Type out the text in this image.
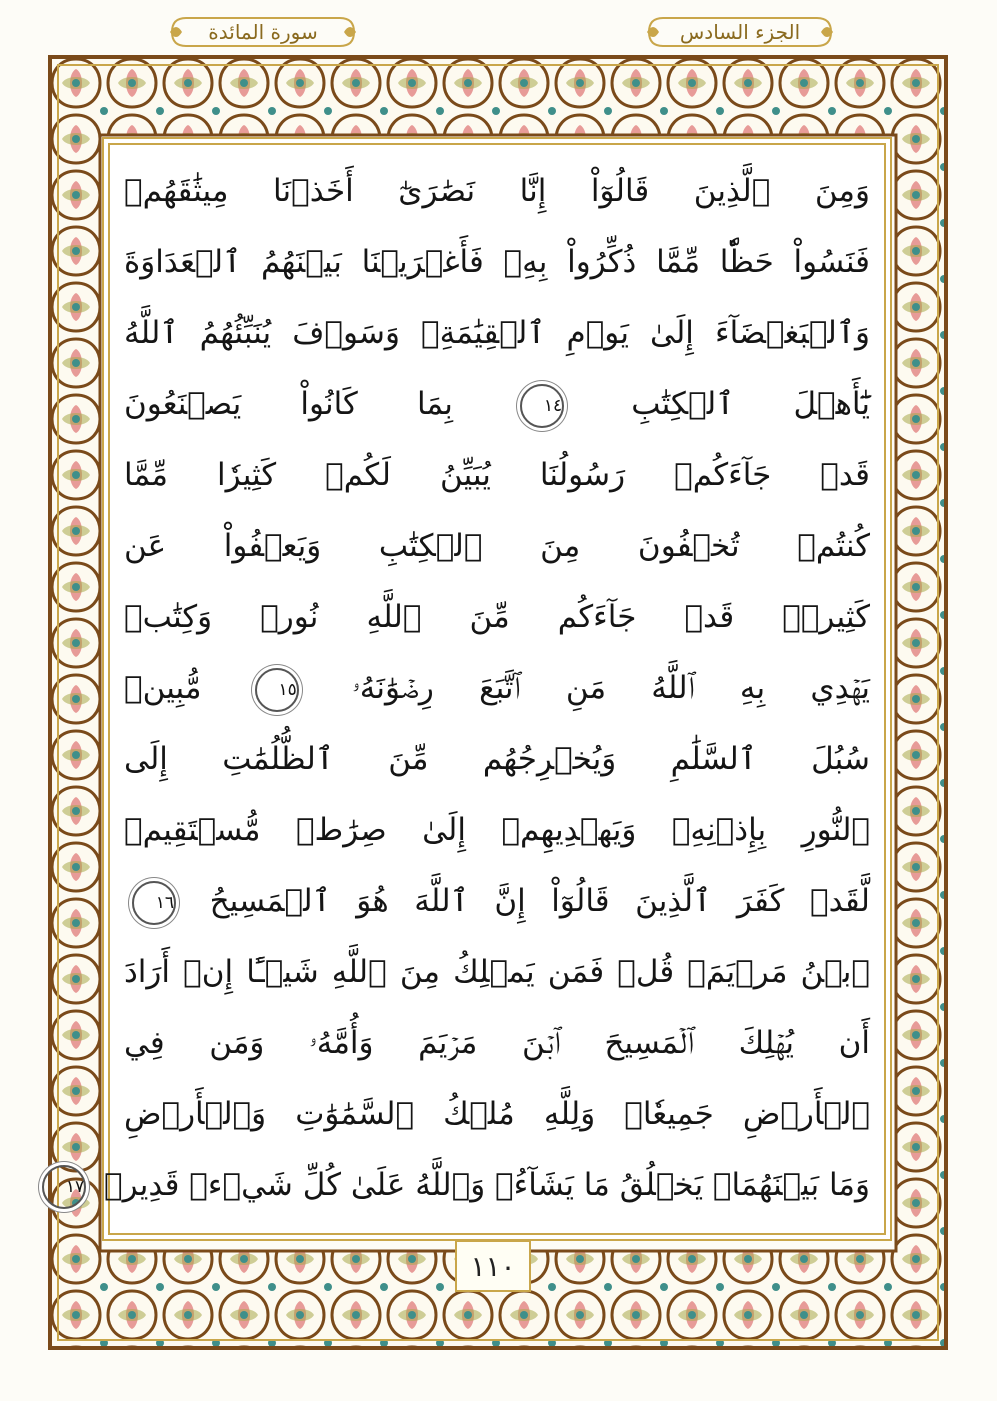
الجزء السادس
سورة المائدة
وَمِنَ ٱلَّذِينَ قَالُوٓاْ إِنَّا نَصَٰرَىٰٓ أَخَذۡنَا مِيثَٰقَهُمۡ
فَنَسُواْ حَظّٗا مِّمَّا ذُكِّرُواْ بِهِۦ فَأَغۡرَيۡنَا بَيۡنَهُمُ ٱلۡعَدَاوَةَ
وَٱلۡبَغۡضَآءَ إِلَىٰ يَوۡمِ ٱلۡقِيَٰمَةِۚ وَسَوۡفَ يُنَبِّئُهُمُ ٱللَّهُ
يَٰٓأَهۡلَ ٱلۡكِتَٰبِ ١٤ بِمَا كَانُواْ يَصۡنَعُونَ
قَدۡ جَآءَكُمۡ رَسُولُنَا يُبَيِّنُ لَكُمۡ كَثِيرٗا مِّمَّا
كُنتُمۡ تُخۡفُونَ مِنَ ٱلۡكِتَٰبِ وَيَعۡفُواْ عَن
كَثِيرٖۚ قَدۡ جَآءَكُم مِّنَ ٱللَّهِ نُورٞ وَكِتَٰبٞ
يَهۡدِي بِهِ ٱللَّهُ مَنِ ٱتَّبَعَ رِضۡوَٰنَهُۥ ١٥ مُّبِينٞ
سُبُلَ ٱلسَّلَٰمِ وَيُخۡرِجُهُم مِّنَ ٱلظُّلُمَٰتِ إِلَى
ٱلنُّورِ بِإِذۡنِهِۦ وَيَهۡدِيهِمۡ إِلَىٰ صِرَٰطٖ مُّسۡتَقِيمٖ
لَّقَدۡ كَفَرَ ٱلَّذِينَ قَالُوٓاْ إِنَّ ٱللَّهَ هُوَ ٱلۡمَسِيحُ ١٦
ٱبۡنُ مَرۡيَمَۚ قُلۡ فَمَن يَمۡلِكُ مِنَ ٱللَّهِ شَيۡـًٔا إِنۡ أَرَادَ
أَن يُهۡلِكَ ٱلۡمَسِيحَ ٱبۡنَ مَرۡيَمَ وَأُمَّهُۥ وَمَن فِي
ٱلۡأَرۡضِ جَمِيعٗاۗ وَلِلَّهِ مُلۡكُ ٱلسَّمَٰوَٰتِ وَٱلۡأَرۡضِ
وَمَا بَيۡنَهُمَاۚ يَخۡلُقُ مَا يَشَآءُۚ وَٱللَّهُ عَلَىٰ كُلِّ شَيۡءٖ قَدِيرٞ ١٧
١١٠
